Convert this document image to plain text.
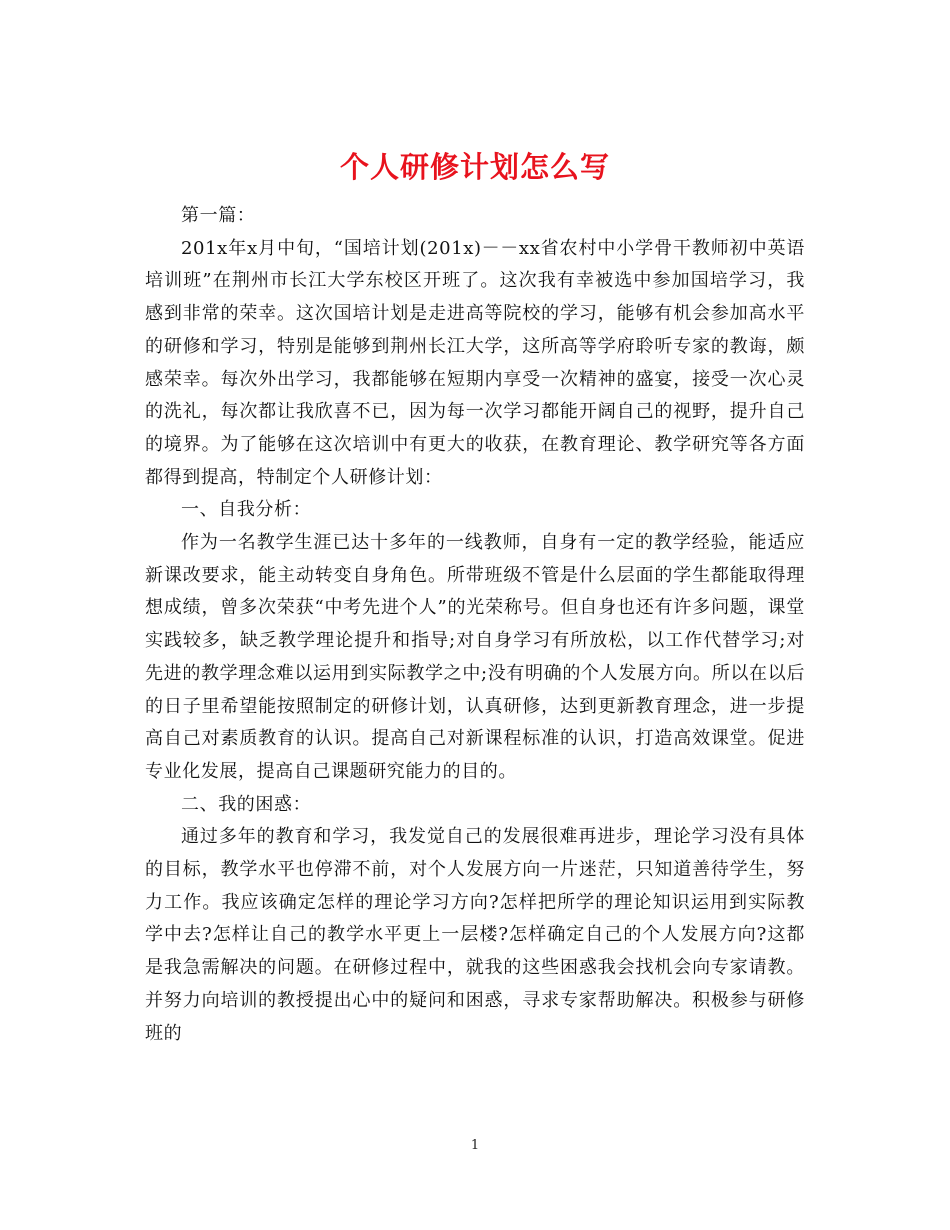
个人研修计划怎么写

第一篇：

201x年x月中旬，“国培计划(201x)－－xx省农村中小学骨干教师初中英语培训班”在荆州市长江大学东校区开班了。这次我有幸被选中参加国培学习，我感到非常的荣幸。这次国培计划是走进高等院校的学习，能够有机会参加高水平的研修和学习，特别是能够到荆州长江大学，这所高等学府聆听专家的教诲，颇感荣幸。每次外出学习，我都能够在短期内享受一次精神的盛宴，接受一次心灵的洗礼，每次都让我欣喜不已，因为每一次学习都能开阔自己的视野，提升自己的境界。为了能够在这次培训中有更大的收获，在教育理论、教学研究等各方面都得到提高，特制定个人研修计划：

一、自我分析：

作为一名教学生涯已达十多年的一线教师，自身有一定的教学经验，能适应新课改要求，能主动转变自身角色。所带班级不管是什么层面的学生都能取得理想成绩，曾多次荣获“中考先进个人”的光荣称号。但自身也还有许多问题，课堂实践较多，缺乏教学理论提升和指导;对自身学习有所放松，以工作代替学习;对先进的教学理念难以运用到实际教学之中;没有明确的个人发展方向。所以在以后的日子里希望能按照制定的研修计划，认真研修，达到更新教育理念，进一步提高自己对素质教育的认识。提高自己对新课程标准的认识，打造高效课堂。促进专业化发展，提高自己课题研究能力的目的。

二、我的困惑：

通过多年的教育和学习，我发觉自己的发展很难再进步，理论学习没有具体的目标，教学水平也停滞不前，对个人发展方向一片迷茫，只知道善待学生，努力工作。我应该确定怎样的理论学习方向?怎样把所学的理论知识运用到实际教学中去?怎样让自己的教学水平更上一层楼?怎样确定自己的个人发展方向?这都是我急需解决的问题。在研修过程中，就我的这些困惑我会找机会向专家请教。并努力向培训的教授提出心中的疑问和困惑，寻求专家帮助解决。积极参与研修班的

1
